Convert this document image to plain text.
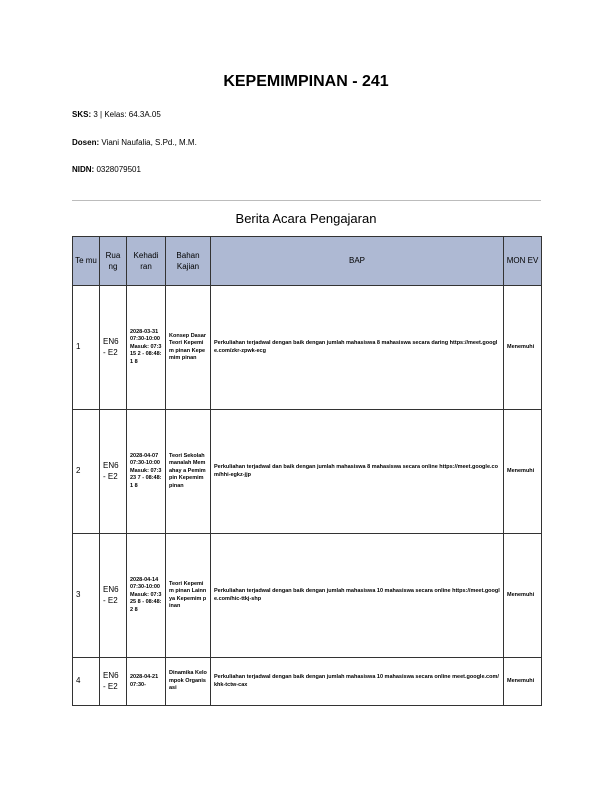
KEPEMIMPINAN - 241
SKS: 3 | Kelas: 64.3A.05
Dosen: Viani Naufalia, S.Pd., M.M.
NIDN: 0328079501
Berita Acara Pengajaran
Te mu	Rua ng	Kehadi ran	Bahan Kajian	BAP	MON EV
1	EN6 - E2	2028-03-31 07:30-10:00 Masuk: 07:315 2 - 08:48:1 8	Konsep Dasar Teori Kepemim pinan Kepemim pinan	Perkuliahan terjadwal dengan baik dengan jumlah mahasiswa 8 mahasiswa secara daring https://meet.google.com/zkr-zpwk-ecg	Menemuhi
2	EN6 - E2	2028-04-07 07:30-10:00 Masuk: 07:323 7 - 08:48:1 8	Teori Sekolah manalah Memahay a Pemimpin Kepemim pinan	Perkuliahan terjadwal dan baik dengan jumlah mahasiswa 8 mahasiswa secara online https://meet.google.com/hhi-egkz-jjp	Menemuhi
3	EN6 - E2	2028-04-14 07:30-10:00 Masuk: 07:325 8 - 08:48:2 8	Teori Kepemim pinan Lainnya Kepemim pinan	Perkuliahan terjadwal dengan baik dengan jumlah mahasiswa 10 mahasiswa secara online https://meet.google.com/hic-ttkj-shp	Menemuhi
4	EN6 - E2	2028-04-21 07:30-	Dinamika Kelompok Organisasi	Perkuliahan terjadwal dengan baik dengan jumlah mahasiswa 10 mahasiswa secara online meet.google.com/khk-tctw-cax	Menemuhi
